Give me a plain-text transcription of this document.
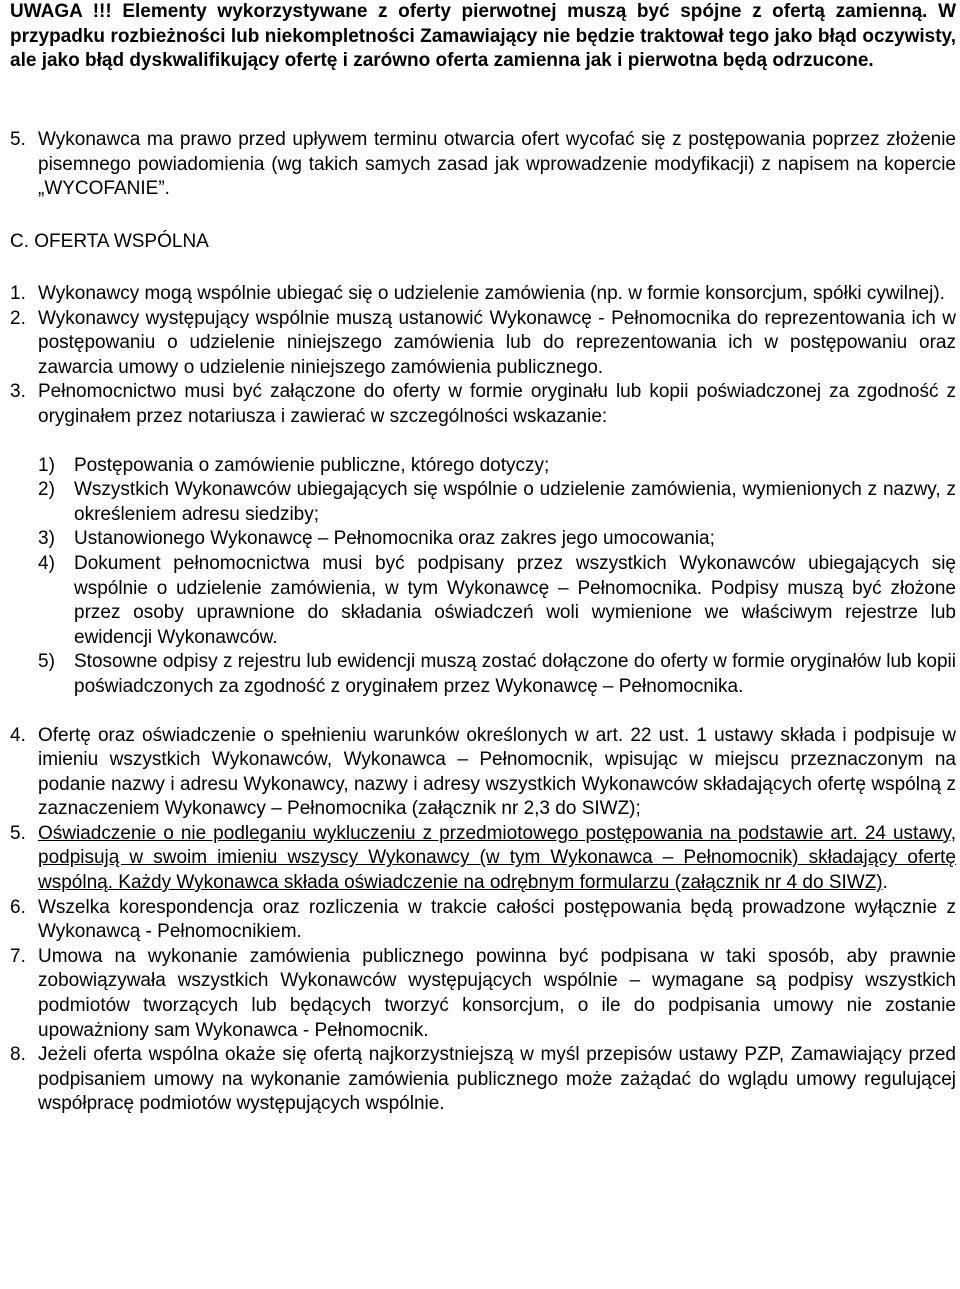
UWAGA !!! Elementy wykorzystywane z oferty pierwotnej muszą być spójne z ofertą zamienną. W przypadku rozbieżności lub niekompletności Zamawiający nie będzie traktował tego jako błąd oczywisty, ale jako błąd dyskwalifikujący ofertę i zarówno oferta zamienna jak i pierwotna będą odrzucone.

5. Wykonawca ma prawo przed upływem terminu otwarcia ofert wycofać się z postępowania poprzez złożenie pisemnego powiadomienia (wg takich samych zasad jak wprowadzenie modyfikacji) z napisem na kopercie „WYCOFANIE”.

C. OFERTA WSPÓLNA

1. Wykonawcy mogą wspólnie ubiegać się o udzielenie zamówienia (np. w formie konsorcjum, spółki cywilnej).
2. Wykonawcy występujący wspólnie muszą ustanowić Wykonawcę - Pełnomocnika do reprezentowania ich w postępowaniu o udzielenie niniejszego zamówienia lub do reprezentowania ich w postępowaniu oraz zawarcia umowy o udzielenie niniejszego zamówienia publicznego.
3. Pełnomocnictwo musi być załączone do oferty w formie oryginału lub kopii poświadczonej za zgodność z oryginałem przez notariusza i zawierać w szczególności wskazanie:
1)	Postępowania o zamówienie publiczne, którego dotyczy;
2)	Wszystkich Wykonawców ubiegających się wspólnie o udzielenie zamówienia, wymienionych z nazwy, z określeniem adresu siedziby;
3)	Ustanowionego Wykonawcę – Pełnomocnika oraz zakres jego umocowania;
4)	Dokument pełnomocnictwa musi być podpisany przez wszystkich Wykonawców ubiegających się wspólnie o udzielenie zamówienia, w tym Wykonawcę – Pełnomocnika. Podpisy muszą być złożone przez osoby uprawnione do składania oświadczeń woli wymienione we właściwym rejestrze lub ewidencji Wykonawców.
5)	Stosowne odpisy z rejestru lub ewidencji muszą zostać dołączone do oferty w formie oryginałów lub kopii poświadczonych za zgodność z oryginałem przez Wykonawcę – Pełnomocnika.
4. Ofertę oraz oświadczenie o spełnieniu warunków określonych w art. 22 ust. 1 ustawy składa i podpisuje w imieniu wszystkich Wykonawców, Wykonawca – Pełnomocnik, wpisując w miejscu przeznaczonym na podanie nazwy i adresu Wykonawcy, nazwy i adresy wszystkich Wykonawców składających ofertę wspólną z zaznaczeniem Wykonawcy – Pełnomocnika (załącznik nr 2,3 do SIWZ);
5. Oświadczenie o nie podleganiu wykluczeniu z przedmiotowego postępowania na podstawie art. 24 ustawy, podpisują w swoim imieniu wszyscy Wykonawcy (w tym Wykonawca – Pełnomocnik) składający ofertę wspólną. Każdy Wykonawca składa oświadczenie na odrębnym formularzu (załącznik nr 4 do SIWZ).
6. Wszelka korespondencja oraz rozliczenia w trakcie całości postępowania będą prowadzone wyłącznie z Wykonawcą - Pełnomocnikiem.
7. Umowa na wykonanie zamówienia publicznego powinna być podpisana w taki sposób, aby prawnie zobowiązywała wszystkich Wykonawców występujących wspólnie – wymagane są podpisy wszystkich podmiotów tworzących lub będących tworzyć konsorcjum, o ile do podpisania umowy nie zostanie upoważniony sam Wykonawca - Pełnomocnik.
8. Jeżeli oferta wspólna okaże się ofertą najkorzystniejszą w myśl przepisów ustawy PZP, Zamawiający przed podpisaniem umowy na wykonanie zamówienia publicznego może zażądać do wglądu umowy regulującej współpracę podmiotów występujących wspólnie.
